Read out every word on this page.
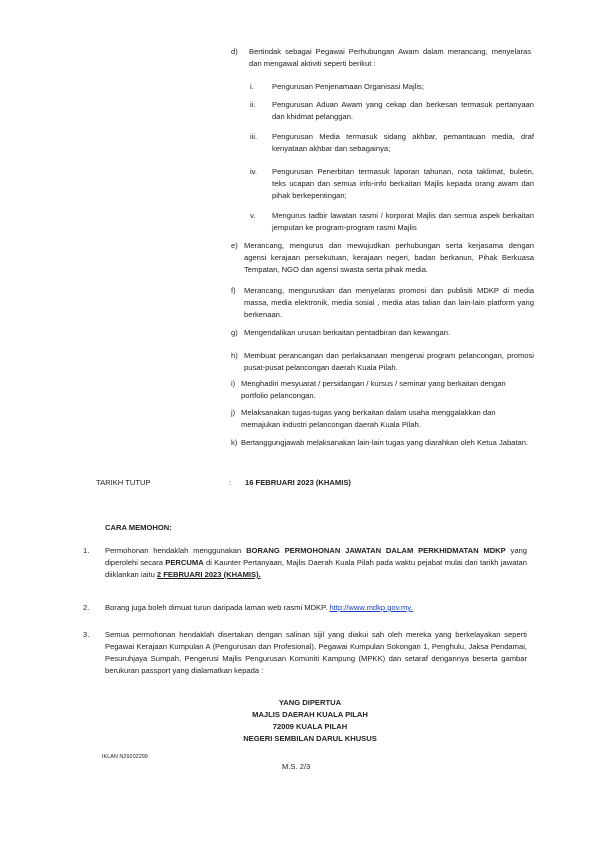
d) Bertindak sebagai Pegawai Perhubungan Awam dalam merancang, menyelaras dan mengawal aktiviti seperti berikut :

i. Pengurusan Penjenamaan Organisasi Majlis;

ii. Pengurusan Aduan Awam yang cekap dan berkesan termasuk pertanyaan dan khidmat pelanggan.

iii. Pengurusan Media termasuk sidang akhbar, pemantauan media, draf kenyataan akhbar dan sebagainya;

iv. Pengurusan Penerbitan termasuk laporan tahunan, nota taklimat, buletin, teks ucapan dan semua info-info berkaitan Majlis kepada orang awam dan pihak berkepentingan;

v. Mengurus tadbir lawatan rasmi / korporat Majlis dan semua aspek berkaitan jemputan ke program-program rasmi Majlis

e) Merancang, mengurus dan mewujudkan perhubungan serta kerjasama dengan agensi kerajaan persekutuan, kerajaan negeri, badan berkanun, Pihak Berkuasa Tempatan, NGO dan agensi swasta serta pihak media.

f) Merancang, menguruskan dan menyelaras promosi dan publisiti MDKP di media massa, media elektronik, media sosial , media atas talian dan lain-lain platform yang berkenaan.

g) Mengendalikan urusan berkaitan pentadbiran dan kewangan.

h) Membuat perancangan dan perlaksanaan mengenai program pelancongan, promosi pusat-pusat pelancongan daerah Kuala Pilah.

i) Menghadiri mesyuarat / persidangan / kursus / seminar yang berkaitan dengan portfolio pelancongan.

j) Melaksanakan tugas-tugas yang berkaitan dalam usaha menggalakkan dan memajukan industri pelancongan daerah Kuala Pilah.

k) Bertanggungjawab melaksanakan lain-lain tugas yang diarahkan oleh Ketua Jabatan.

TARIKH TUTUP	: 16 FEBRUARI 2023 (KHAMIS)
CARA MEMOHON:
1. Permohonan hendaklah menggunakan BORANG PERMOHONAN JAWATAN DALAM PERKHIDMATAN MDKP yang diperolehi secara PERCUMA di Kaunter Pertanyaan, Majlis Daerah Kuala Pilah pada waktu pejabat mulai dari tarikh jawatan diiklankan iaitu 2 FEBRUARI 2023 (KHAMIS).

2. Borang juga boleh dimuat turun daripada laman web rasmi MDKP. http://www.mdkp.gov.my.

3. Semua permohonan hendaklah disertakan dengan salinan sijil yang diakui sah oleh mereka yang berkelayakan seperti Pegawai Kerajaan Kumpulan A (Pengurusan dan Profesional), Pegawai Kumpulan Sokongan 1, Penghulu, Jaksa Pendamai, Pesuruhjaya Sumpah, Pengerusi Majlis Pengurusan Komuniti Kampung (MPKK) dan setaraf dengannya beserta gambar berukuran passport yang dialamatkan kepada :

YANG DIPERTUA
MAJLIS DAERAH KUALA PILAH
72009 KUALA PILAH
NEGERI SEMBILAN DARUL KHUSUS
IKLAN N29202299
M.S. 2/3
